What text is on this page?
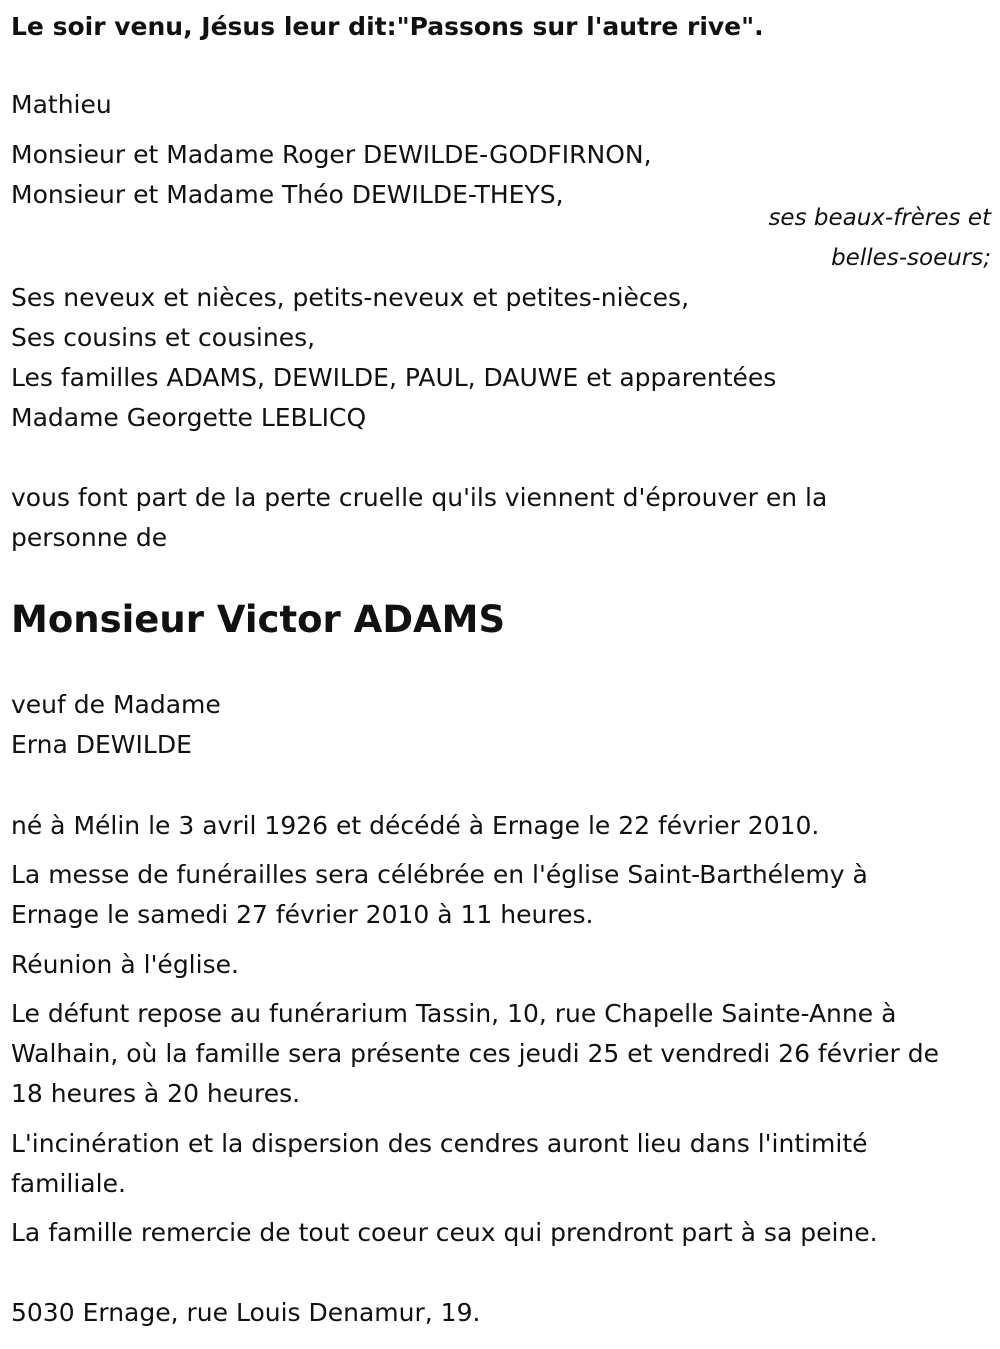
Le soir venu, Jésus leur dit:"Passons sur l'autre rive".
Mathieu
Monsieur et Madame Roger DEWILDE-GODFIRNON,
Monsieur et Madame Théo DEWILDE-THEYS,
ses beaux-frères et
belles-soeurs;
Ses neveux et nièces, petits-neveux et petites-nièces,
Ses cousins et cousines,
Les familles ADAMS, DEWILDE, PAUL, DAUWE et apparentées
Madame Georgette LEBLICQ
vous font part de la perte cruelle qu'ils viennent d'éprouver en la
personne de
Monsieur Victor ADAMS
veuf de Madame
Erna DEWILDE
né à Mélin le 3 avril 1926 et décédé à Ernage le 22 février 2010.
La messe de funérailles sera célébrée en l'église Saint-Barthélemy à
Ernage le samedi 27 février 2010 à 11 heures.
Réunion à l'église.
Le défunt repose au funérarium Tassin, 10, rue Chapelle Sainte-Anne à
Walhain, où la famille sera présente ces jeudi 25 et vendredi 26 février de
18 heures à 20 heures.
L'incinération et la dispersion des cendres auront lieu dans l'intimité
familiale.
La famille remercie de tout coeur ceux qui prendront part à sa peine.
5030 Ernage, rue Louis Denamur, 19.
